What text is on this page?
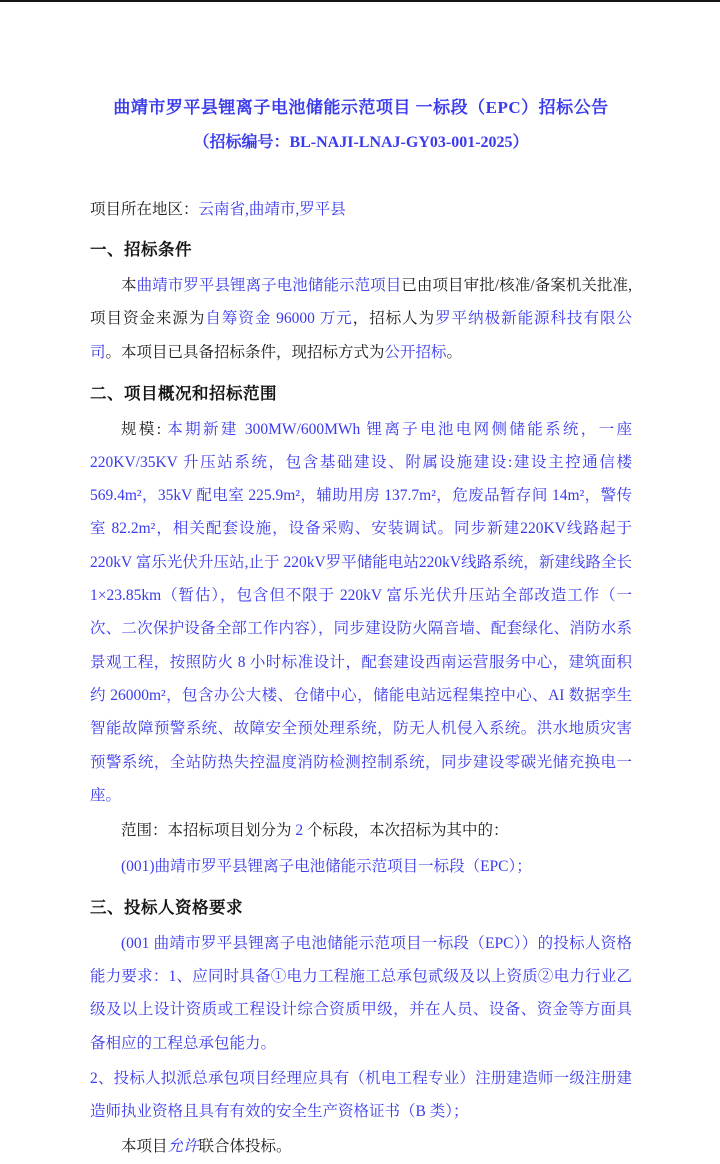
曲靖市罗平县锂离子电池储能示范项目 一标段（EPC）招标公告
（招标编号：BL-NAJI-LNAJ-GY03-001-2025）

项目所在地区：云南省,曲靖市,罗平县

一、招标条件

本曲靖市罗平县锂离子电池储能示范项目已由项目审批/核准/备案机关批准,项目资金来源为自筹资金 96000 万元，招标人为罗平纳极新能源科技有限公司。本项目已具备招标条件，现招标方式为公开招标。

二、项目概况和招标范围

规模: 本期新建 300MW/600MWh 锂离子电池电网侧储能系统，一座 220KV/35KV 升压站系统，包含基础建设、附属设施建设:建设主控通信楼 569.4m²，35kV 配电室 225.9m²，辅助用房 137.7m²，危废品暂存间 14m²，警传室 82.2m²，相关配套设施，设备采购、安装调试。同步新建220KV线路起于 220kV 富乐光伏升压站,止于 220kV罗平储能电站220kV线路系统，新建线路全长 1×23.85km（暂估），包含但不限于 220kV 富乐光伏升压站全部改造工作（一次、二次保护设备全部工作内容），同步建设防火隔音墙、配套绿化、消防水系景观工程，按照防火 8 小时标准设计，配套建设西南运营服务中心，建筑面积约 26000m²，包含办公大楼、仓储中心，储能电站远程集控中心、AI 数据孪生智能故障预警系统、故障安全预处理系统，防无人机侵入系统。洪水地质灾害预警系统，全站防热失控温度消防检测控制系统，同步建设零碳光储充换电一座。

范围：本招标项目划分为 2 个标段，本次招标为其中的：

(001)曲靖市罗平县锂离子电池储能示范项目一标段（EPC）；

三、投标人资格要求

(001 曲靖市罗平县锂离子电池储能示范项目一标段（EPC））的投标人资格能力要求：1、应同时具备①电力工程施工总承包贰级及以上资质②电力行业乙级及以上设计资质或工程设计综合资质甲级，并在人员、设备、资金等方面具备相应的工程总承包能力。

2、投标人拟派总承包项目经理应具有（机电工程专业）注册建造师一级注册建造师执业资格且具有有效的安全生产资格证书（B 类）；

本项目允许联合体投标。
